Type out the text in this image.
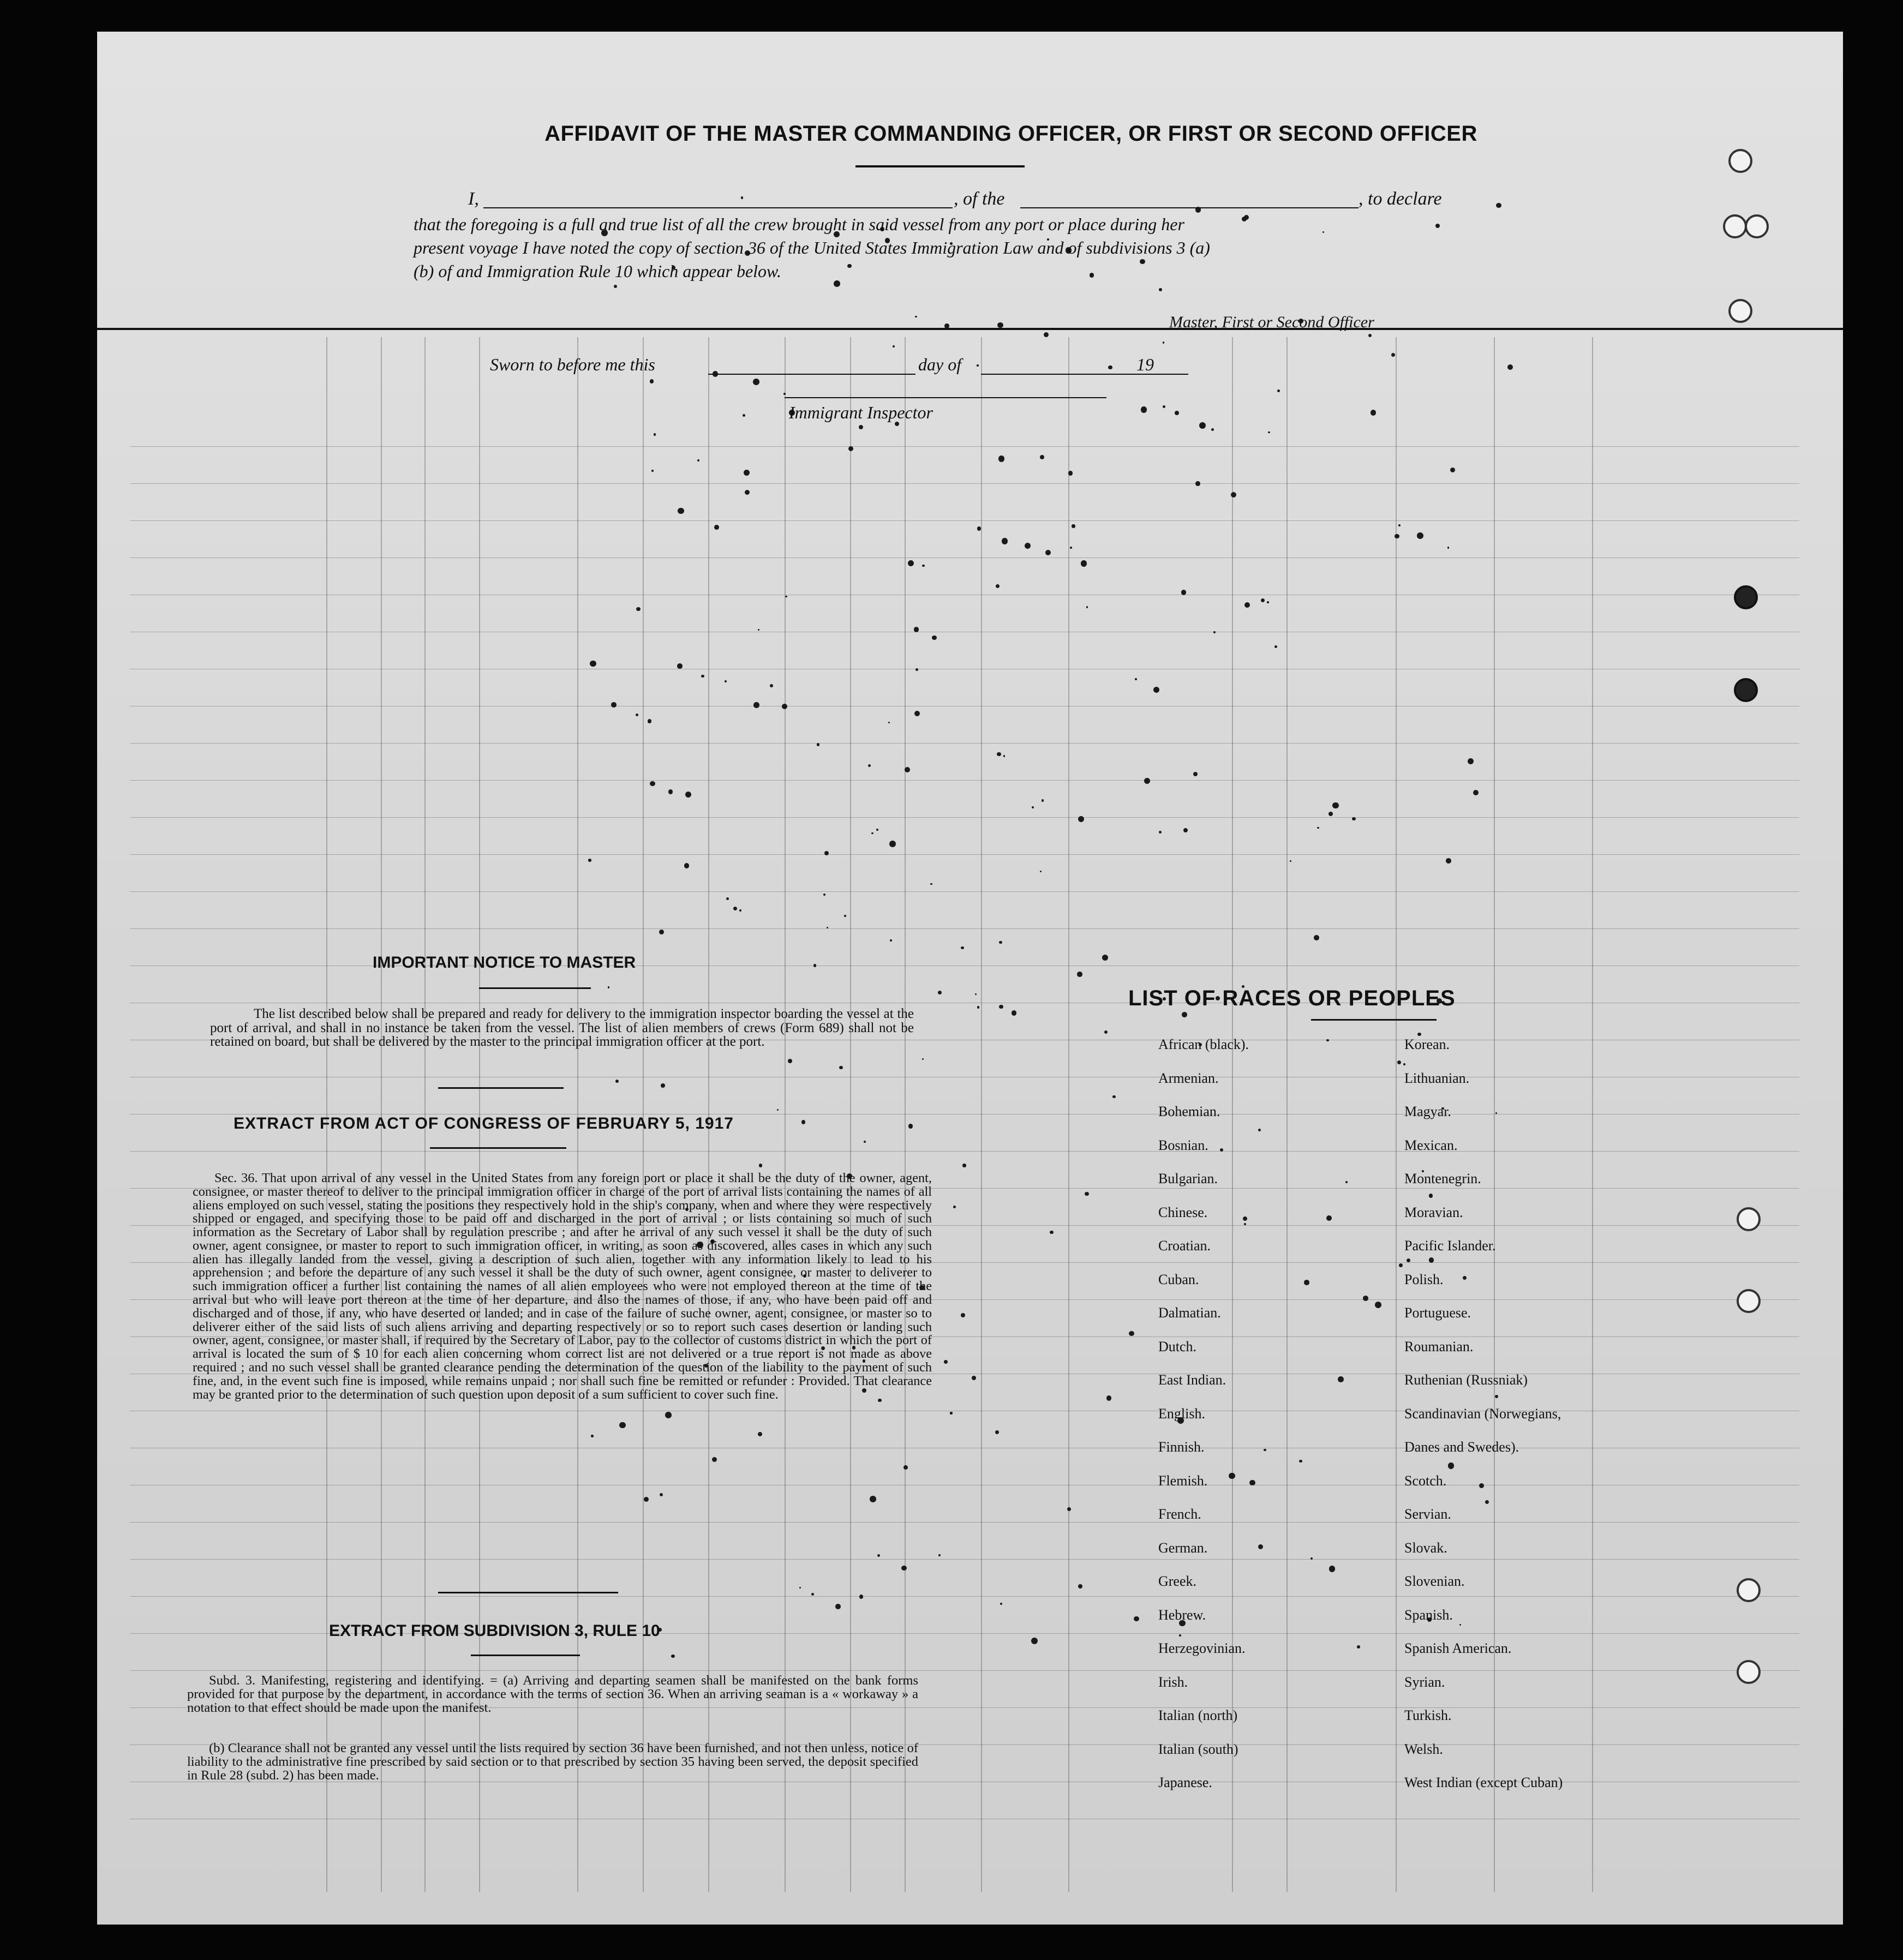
AFFIDAVIT OF THE MASTER COMMANDING OFFICER, OR FIRST OR SECOND OFFICER
I,	, of the	, to declare
that the foregoing is a full and true list of all the crew brought in said vessel from any port or place during her
present voyage I have noted the copy of section 36 of the United States Immigration Law and of subdivisions 3 (a)
(b) of and Immigration Rule 10 which appear below.
Master, First or Second Officer
Sworn to before me this	day of	19
Immigrant Inspector
IMPORTANT NOTICE TO MASTER
The list described below shall be prepared and ready for delivery to the immigration inspector boarding the vessel at the port of arrival, and shall in no instance be taken from the vessel. The list of alien members of crews (Form 689) shall not be retained on board, but shall be delivered by the master to the principal immigration officer at the port.
EXTRACT FROM ACT OF CONGRESS OF FEBRUARY 5, 1917
Sec. 36. That upon arrival of any vessel in the United States from any foreign port or place it shall be the duty of the owner, agent, consignee, or master thereof to deliver to the principal immigration officer in charge of the port of arrival lists containing the names of all aliens employed on such vessel, stating the positions they respectively hold in the ship's company, when and where they were respectively shipped or engaged, and specifying those to be paid off and discharged in the port of arrival ; or lists containing so much of such information as the Secretary of Labor shall by regulation prescribe ; and after he arrival of any such vessel it shall be the duty of such owner, agent consignee, or master to report to such immigration officer, in writing, as soon as discovered, alles cases in which any such alien has illegally landed from the vessel, giving a description of such alien, together with any information likely to lead to his apprehension ; and before the departure of any such vessel it shall be the duty of such owner, agent consignee, or master to deliverer to such immigration officer a further list containing the names of all alien employees who were not employed thereon at the time of the arrival but who will leave port thereon at the time of her departure, and also the names of those, if any, who have been paid off and discharged and of those, if any, who have deserted or landed; and in case of the failure of suche owner, agent, consignee, or master so to deliverer either of the said lists of such aliens arriving and departing respectively or so to report such cases desertion or landing such owner, agent, consignee, or master shall, if required by the Secretary of Labor, pay to the collector of customs district in which the port of arrival is located the sum of $ 10 for each alien concerning whom correct list are not delivered or a true report is not made as above required ; and no such vessel shall be granted clearance pending the determination of the question of the liability to the payment of such fine, and, in the event such fine is imposed, while remains unpaid ; nor shall such fine be remitted or refunder : Provided. That clearance may be granted prior to the determination of such question upon deposit of a sum sufficient to cover such fine.
EXTRACT FROM SUBDIVISION 3, RULE 10
Subd. 3. Manifesting, registering and identifying. = (a) Arriving and departing seamen shall be manifested on the bank forms provided for that purpose by the department, in accordance with the terms of section 36. When an arriving seaman is a « workaway » a notation to that effect should be made upon the manifest.
(b) Clearance shall not be granted any vessel until the lists required by section 36 have been furnished, and not then unless, notice of liability to the administrative fine prescribed by said section or to that prescribed by section 35 having been served, the deposit specified in Rule 28 (subd. 2) has been made.
LIST OF RACES OR PEOPLES
African (black).
Armenian.
Bohemian.
Bosnian.
Bulgarian.
Chinese.
Croatian.
Cuban.
Dalmatian.
Dutch.
East Indian.
English.
Finnish.
Flemish.
French.
German.
Greek.
Hebrew.
Herzegovinian.
Irish.
Italian (north)
Italian (south)
Japanese.
Korean.
Lithuanian.
Magyar.
Mexican.
Montenegrin.
Moravian.
Pacific Islander.
Polish.
Portuguese.
Roumanian.
Ruthenian (Russniak)
Scandinavian (Norwegians,
Danes and Swedes).
Scotch.
Servian.
Slovak.
Slovenian.
Spanish.
Spanish American.
Syrian.
Turkish.
Welsh.
West Indian (except Cuban)
